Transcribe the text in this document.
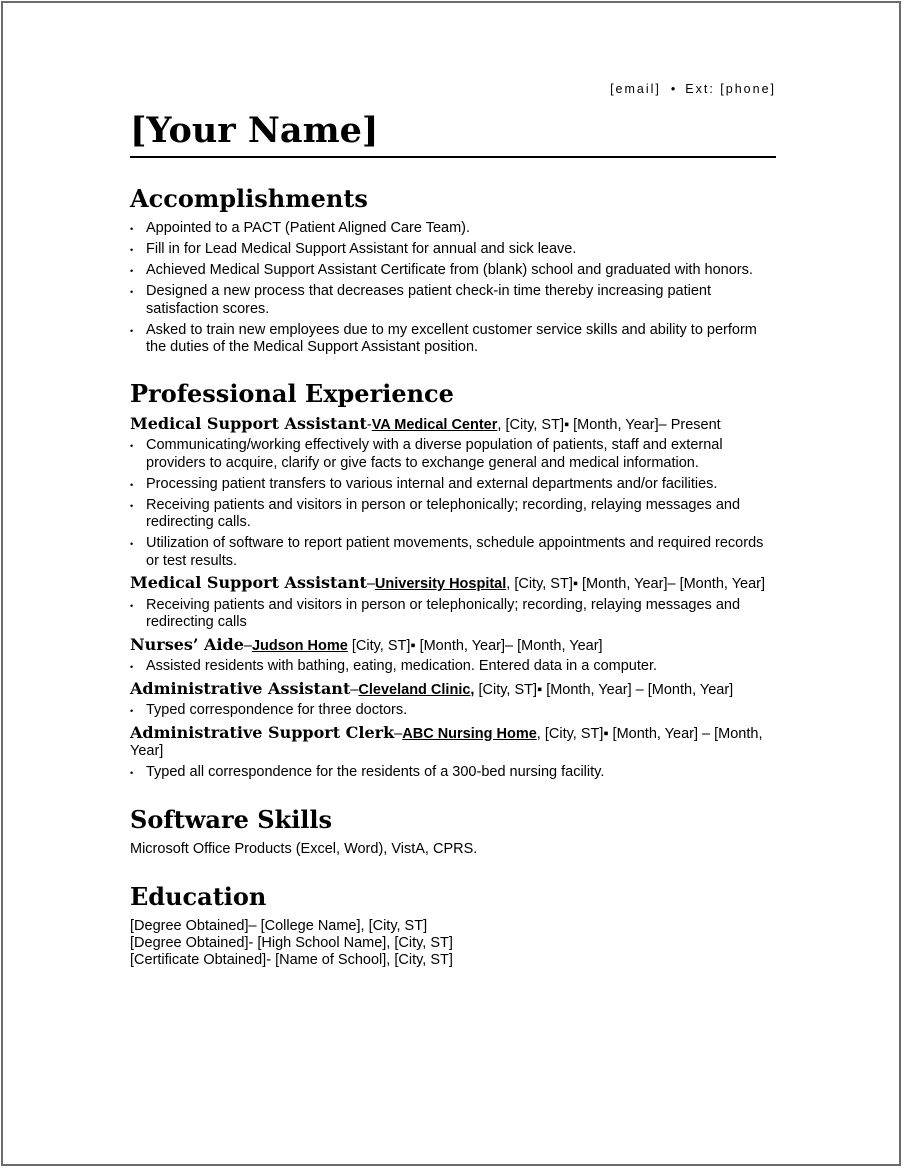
[email] • Ext: [phone]
[Your Name]
Accomplishments
• Appointed to a PACT (Patient Aligned Care Team).
• Fill in for Lead Medical Support Assistant for annual and sick leave.
• Achieved Medical Support Assistant Certificate from (blank) school and graduated with honors.
• Designed a new process that decreases patient check-in time thereby increasing patient satisfaction scores.
• Asked to train new employees due to my excellent customer service skills and ability to perform the duties of the Medical Support Assistant position.
Professional Experience
Medical Support Assistant-VA Medical Center, [City, ST]▪ [Month, Year]– Present
• Communicating/working effectively with a diverse population of patients, staff and external providers to acquire, clarify or give facts to exchange general and medical information.
• Processing patient transfers to various internal and external departments and/or facilities.
• Receiving patients and visitors in person or telephonically; recording, relaying messages and redirecting calls.
• Utilization of software to report patient movements, schedule appointments and required records or test results.
Medical Support Assistant–University Hospital, [City, ST]▪ [Month, Year]– [Month, Year]
• Receiving patients and visitors in person or telephonically; recording, relaying messages and redirecting calls
Nurses’ Aide–Judson Home [City, ST]▪ [Month, Year]– [Month, Year]
• Assisted residents with bathing, eating, medication. Entered data in a computer.
Administrative Assistant–Cleveland Clinic, [City, ST]▪ [Month, Year] – [Month, Year]
• Typed correspondence for three doctors.
Administrative Support Clerk–ABC Nursing Home, [City, ST]▪ [Month, Year] – [Month, Year]
• Typed all correspondence for the residents of a 300-bed nursing facility.
Software Skills

Microsoft Office Products (Excel, Word), VistA, CPRS.

Education

[Degree Obtained]– [College Name], [City, ST]

[Degree Obtained]- [High School Name], [City, ST]

[Certificate Obtained]- [Name of School], [City, ST]
